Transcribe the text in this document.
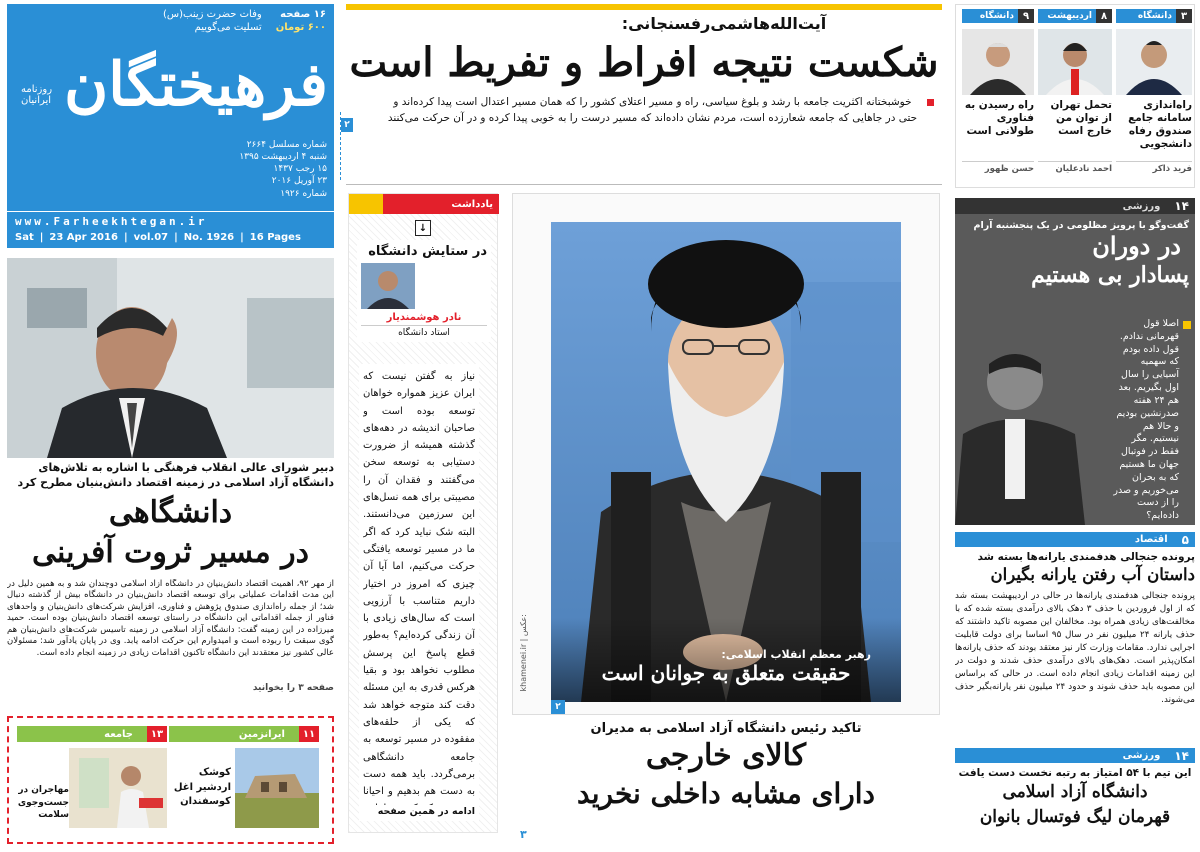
۱۶ صفحه
۶۰۰ تومان
وفات حضرت زینب(س)
تسلیت می‌گوییم
فرهیختگان
روزنامه ایرانیان
شماره مسلسل ۲۶۶۴
شنبه ۴ اردیبهشت ۱۳۹۵
۱۵ رجب ۱۴۳۷
۲۳ آوریل ۲۰۱۶
شماره ۱۹۲۶
www.Farheekhtegan.ir
Sat | 23 Apr 2016 | vol.07 | No. 1926 | 16 Pages
دبیر شورای عالی انقلاب فرهنگی با اشاره به تلاش‌های
دانشگاه آزاد اسلامی در زمینه اقتصاد دانش‌بنیان مطرح کرد
دانشگاهی
در مسیر ثروت آفرینی
از مهر ۹۲، اهمیت اقتصاد دانش‌بنیان در دانشگاه آزاد اسلامی دوچندان شد و به همین دلیل در این مدت اقدامات عملیاتی برای توسعه اقتصاد دانش‌بنیان در دانشگاه بیش از گذشته دنبال شد؛ از جمله راه‌اندازی صندوق پژوهش و فناوری، افزایش شرکت‌های دانش‌بنیان و واحدهای فناور از جمله اقداماتی این دانشگاه در راستای توسعه اقتصاد دانش‌بنیان بوده است. حمید میرزاده در این زمینه گفت: دانشگاه آزاد اسلامی در زمینه تاسیس شرکت‌های دانش‌بنیان هم گوی سبقت را ربوده است و امیدوارم این حرکت ادامه یابد. وی در پایان یادآور شد: مسئولان عالی کشور نیز معتقدند این دانشگاه تاکنون اقدامات زیادی در زمینه انجام داده است.
صفحه ۳ را بخوانید
۱۱
ایرانزمین
کوشک
اردشیر اغل
کوسفندان
۱۳
جامعه
مهاجران در
جست‌وجوی
سلامت
آیت‌الله‌هاشمی‌رفسنجانی:
شکست نتیجه افراط و تفریط است
خوشبختانه اکثریت جامعه با رشد و بلوغ سیاسی، راه و مسیر اعتلای کشور را که همان مسیر اعتدال است پیدا کرده‌اند و حتی در جاهایی که جامعه شعارزده است، مردم نشان داده‌اند که مسیر درست را به خوبی پیدا کرده و در آن حرکت می‌کنند
۲
یادداشت
↓
در ستایش دانشگاه
نادر هوشمندیار
استاد دانشگاه
نیاز به گفتن نیست که ایران عزیز همواره خواهان توسعه بوده است و صاحبان اندیشه در دهه‌های گذشته همیشه از ضرورت دستیابی به توسعه سخن می‌گفتند و فقدان آن را مصیبتی برای همه نسل‌های این سرزمین می‌دانستند. البته شک نباید کرد که اگر ما در مسیر توسعه یافتگی حرکت می‌کنیم، اما آیا آن چیزی که امروز در اختیار داریم متناسب با آرزویی است که سال‌های زیادی با آن زندگی کرده‌ایم؟ به‌طور قطع پاسخ این پرسش مطلوب نخواهد بود و بقیا هرکس قدری به این مسئله دقت کند متوجه خواهد شد که یکی از حلقه‌های مفقوده در مسیر توسعه به جامعه دانشگاهی برمی‌گردد. باید همه دست به دست هم بدهیم و احیانا
ادامه در همین صفحه
رهبر معظم انقلاب اسلامی:
حقیقت متعلق به جوانان است
khamenei.ir | عکس:
۲
تاکید رئیس دانشگاه آزاد اسلامی به مدیران
کالای خارجی
دارای مشابه داخلی نخرید
۳
۳
دانشگاه
راه‌اندازی سامانه جامع صندوق رفاه دانشجویی
فرید ذاکر
۸
اردیبهشت
تحمل تهران از توان من خارج است
احمد نادعلیان
۹
دانشگاه
راه رسیدن به فناوری طولانی است
حسن ظهور
۱۴
ورزشی
گفت‌وگو با پرویز مظلومی در یک پنجشنبه آرام
در دوران
پسادار بی هستیم
اصلا قول قهرمانی ندادم. قول داده بودم که سهمیه آسیایی را سال اول بگیریم. بعد هم ۲۴ هفته صدرنشین بودیم و حالا هم نیستیم. مگر فقط در فوتبال جهان ما هستیم که به بحران می‌خوریم و صدر را از دست داده‌ایم؟
۵
اقتصاد
پرونده جنجالی هدفمندی یارانه‌ها بسته شد
داستان آب رفتن یارانه بگیران
پرونده جنجالی هدفمندی یارانه‌ها در حالی در اردیبهشت بسته شد که از اول فروردین با حذف ۳ دهک بالای درآمدی بسته شده که با مخالفت‌های زیادی همراه بود. مخالفان این مصوبه تاکید داشتند که حذف یارانه ۲۴ میلیون نفر در سال ۹۵ اساسا برای دولت قابلیت اجرایی ندارد. مقامات وزارت کار نیز معتقد بودند که حذف یارانه‌ها امکان‌پذیر است. دهک‌های بالای درآمدی حذف شدند و دولت در این زمینه اقدامات زیادی انجام داده است. در حالی که براساس این مصوبه باید حذف شوند و حدود ۲۴ میلیون نفر یارانه‌بگیر حذف می‌شوند.
۱۴
ورزشی
این تیم با ۵۴ امتیاز به رتبه نخست دست یافت
دانشگاه آزاد اسلامی
قهرمان لیگ فوتسال بانوان
